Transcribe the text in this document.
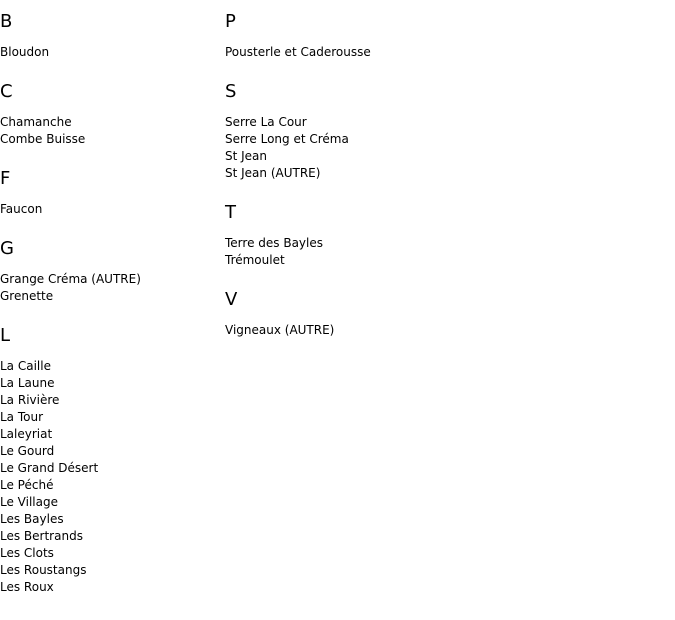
B
Bloudon
C
Chamanche
Combe Buisse
F
Faucon
G
Grange Créma (AUTRE)
Grenette
L
La Caille
La Laune
La Rivière
La Tour
Laleyriat
Le Gourd
Le Grand Désert
Le Péché
Le Village
Les Bayles
Les Bertrands
Les Clots
Les Roustangs
Les Roux
P
Pousterle et Caderousse
S
Serre La Cour
Serre Long et Créma
St Jean
St Jean (AUTRE)
T
Terre des Bayles
Trémoulet
V
Vigneaux (AUTRE)
